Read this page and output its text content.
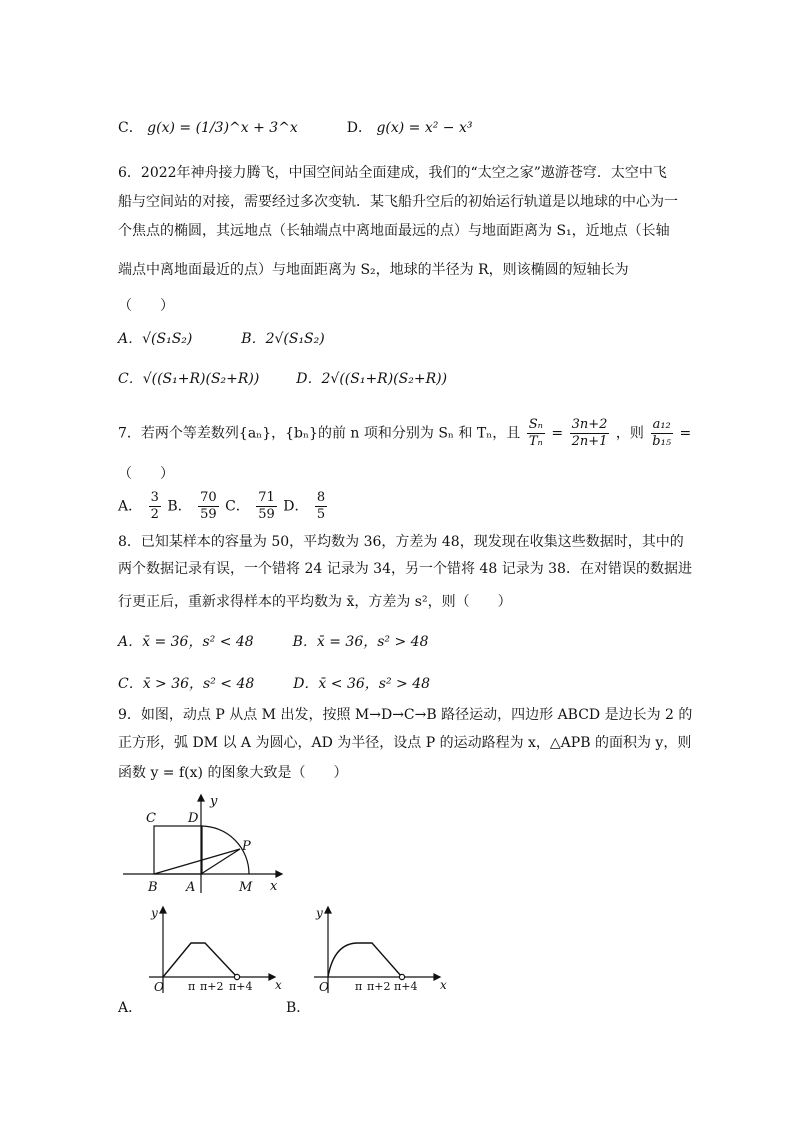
C． g(x) = (1/3)^x + 3^x	D． g(x) = x² − x³
6．2022年神舟接力腾飞，中国空间站全面建成，我们的“太空之家”遨游苍穹．太空中飞
船与空间站的对接，需要经过多次变轨．某飞船升空后的初始运行轨道是以地球的中心为一
个焦点的椭圆，其远地点（长轴端点中离地面最远的点）与地面距离为 S₁，近地点（长轴
端点中离地面最近的点）与地面距离为 S₂，地球的半径为 R，则该椭圆的短轴长为
（　　）
A．√(S₁S₂)	B．2√(S₁S₂)
C．√((S₁+R)(S₂+R))	D．2√((S₁+R)(S₂+R))
7．若两个等差数列{aₙ}，{bₙ}的前 n 项和分别为 Sₙ 和 Tₙ，且 $\frac{\text{Sₙ}}{\text{Tₙ}} = \frac{3n+2}{2n+1}$ ，则 $\frac{\text{a₁₂}}{\text{b₁₅}}$ =
（　　）
A． $\frac{3}{2}$ B． $\frac{70}{59}$ C． $\frac{71}{59}$ D． $\frac{8}{5}$
8．已知某样本的容量为 50，平均数为 36，方差为 48，现发现在收集这些数据时，其中的
两个数据记录有误，一个错将 24 记录为 34，另一个错将 48 记录为 38．在对错误的数据进
行更正后，重新求得样本的平均数为 x̄，方差为 s²，则（　　）
A．x̄ = 36，s² < 48	B．x̄ = 36，s² > 48
C．x̄ > 36，s² < 48	D．x̄ < 36，s² > 48
9．如图，动点 P 从点 M 出发，按照 M→D→C→B 路径运动，四边形 ABCD 是边长为 2 的
正方形，弧 DM 以 A 为圆心，AD 为半径，设点 P 的运动路程为 x，△APB 的面积为 y，则
函数 y = f(x) 的图象大致是（　　）
C D
y
P
B A	M x
y
O	x
π π+2 π+4
A．
y
O	x
π π+2 π+4
B．
